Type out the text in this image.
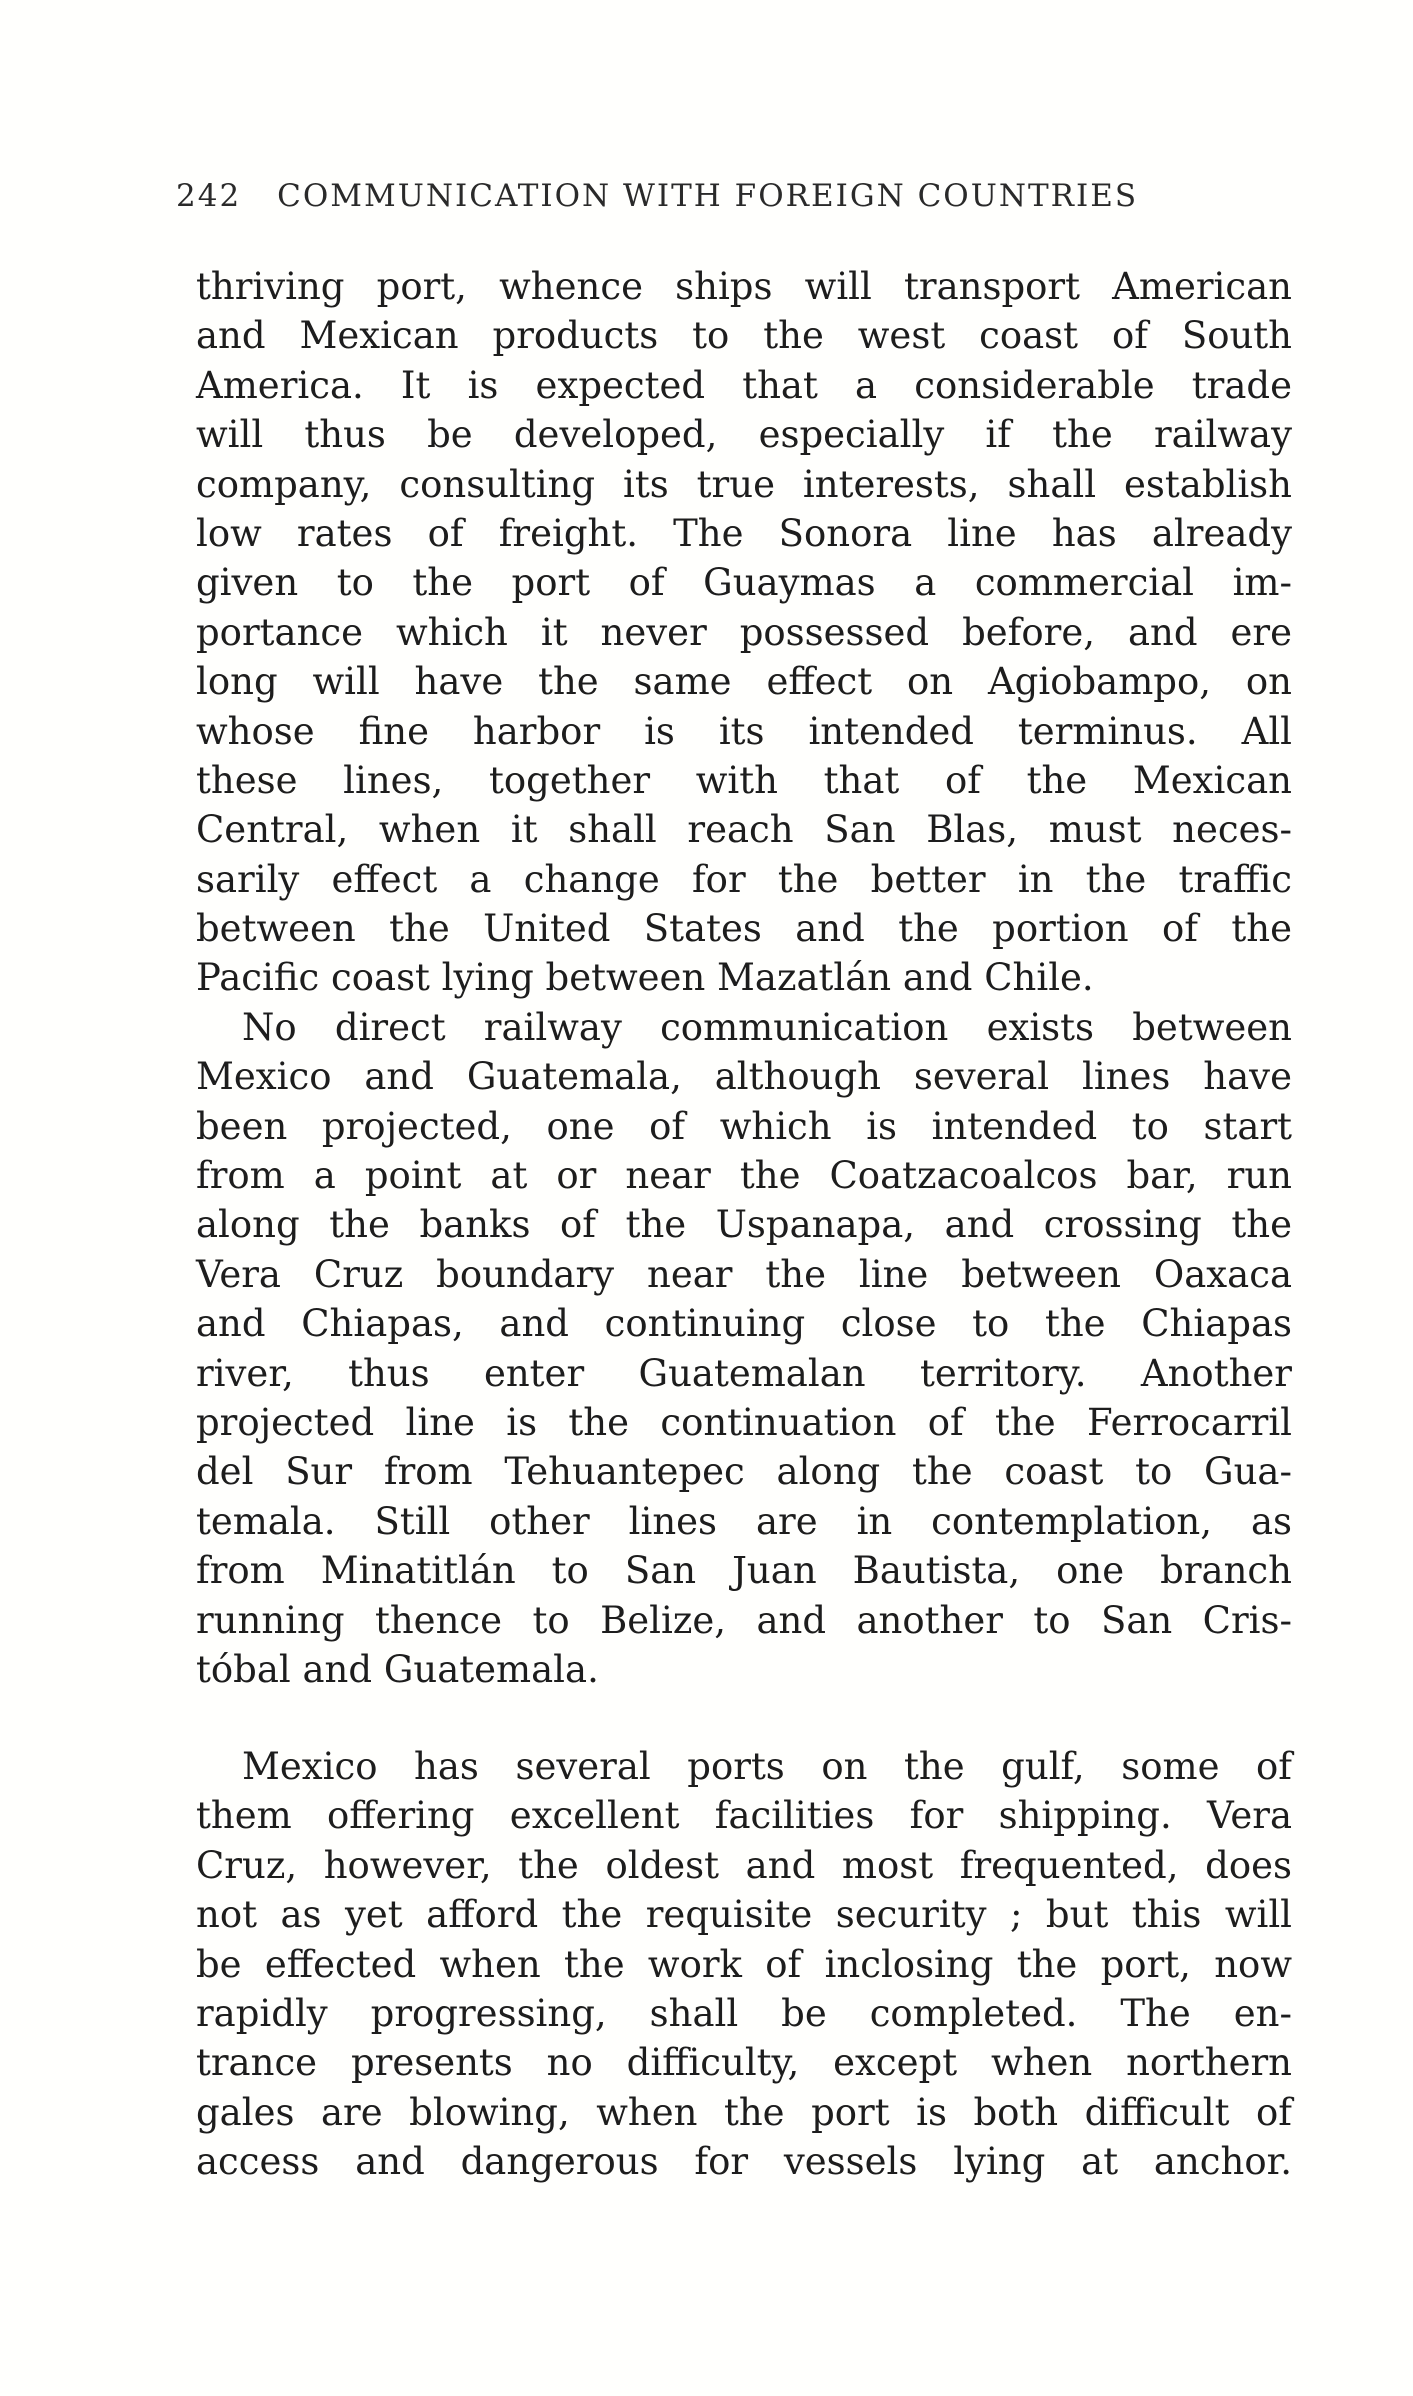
242 COMMUNICATION WITH FOREIGN COUNTRIES
thriving port, whence ships will transport American
and Mexican products to the west coast of South
America. It is expected that a considerable trade
will thus be developed, especially if the railway
company, consulting its true interests, shall establish
low rates of freight. The Sonora line has already
given to the port of Guaymas a commercial im-
portance which it never possessed before, and ere
long will have the same effect on Agiobampo, on
whose fine harbor is its intended terminus. All
these lines, together with that of the Mexican
Central, when it shall reach San Blas, must neces-
sarily effect a change for the better in the traffic
between the United States and the portion of the
Pacific coast lying between Mazatlán and Chile.
No direct railway communication exists between
Mexico and Guatemala, although several lines have
been projected, one of which is intended to start
from a point at or near the Coatzacoalcos bar, run
along the banks of the Uspanapa, and crossing the
Vera Cruz boundary near the line between Oaxaca
and Chiapas, and continuing close to the Chiapas
river, thus enter Guatemalan territory. Another
projected line is the continuation of the Ferrocarril
del Sur from Tehuantepec along the coast to Gua-
temala. Still other lines are in contemplation, as
from Minatitlán to San Juan Bautista, one branch
running thence to Belize, and another to San Cris-
tóbal and Guatemala.
Mexico has several ports on the gulf, some of
them offering excellent facilities for shipping. Vera
Cruz, however, the oldest and most frequented, does
not as yet afford the requisite security ; but this will
be effected when the work of inclosing the port, now
rapidly progressing, shall be completed. The en-
trance presents no difficulty, except when northern
gales are blowing, when the port is both difficult of
access and dangerous for vessels lying at anchor.
